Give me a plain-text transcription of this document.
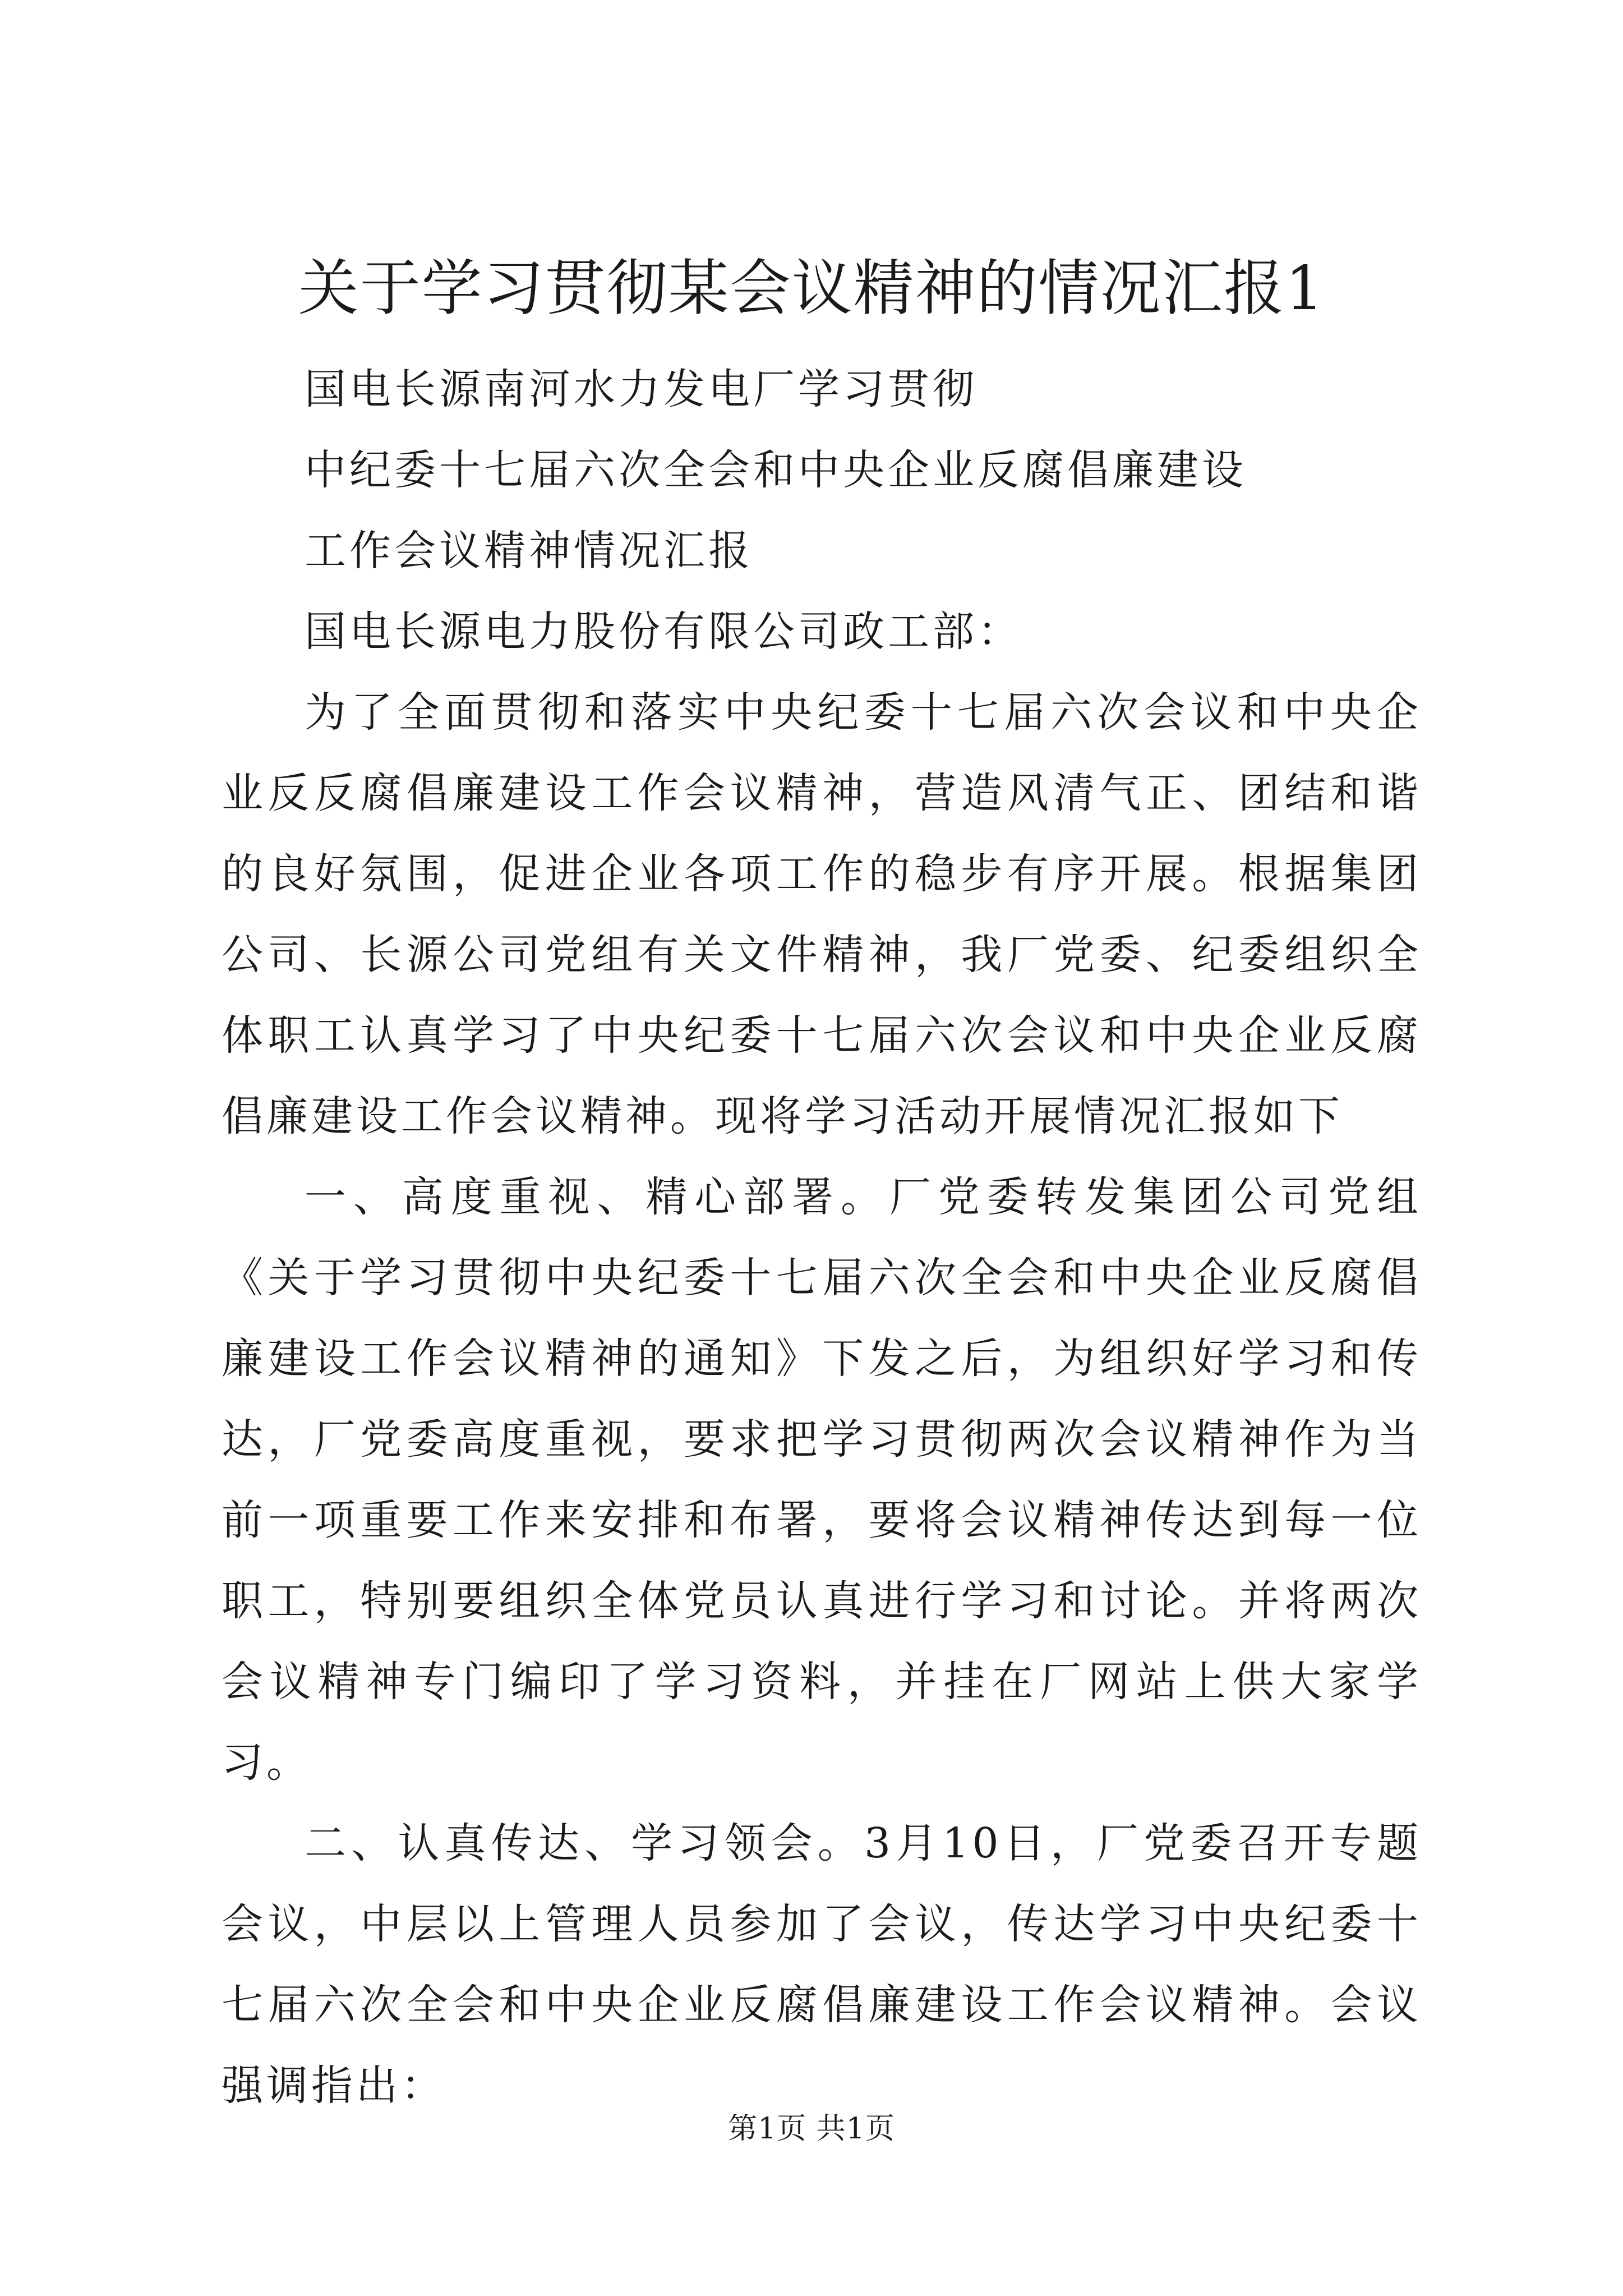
关于学习贯彻某会议精神的情况汇报1

国电长源南河水力发电厂学习贯彻

中纪委十七届六次全会和中央企业反腐倡廉建设

工作会议精神情况汇报

国电长源电力股份有限公司政工部：

为了全面贯彻和落实中央纪委十七届六次会议和中央企业反反腐倡廉建设工作会议精神，营造风清气正、团结和谐的良好氛围，促进企业各项工作的稳步有序开展。根据集团公司、长源公司党组有关文件精神，我厂党委、纪委组织全体职工认真学习了中央纪委十七届六次会议和中央企业反腐倡廉建设工作会议精神。现将学习活动开展情况汇报如下

一、高度重视、精心部署。厂党委转发集团公司党组《关于学习贯彻中央纪委十七届六次全会和中央企业反腐倡廉建设工作会议精神的通知》下发之后，为组织好学习和传达，厂党委高度重视，要求把学习贯彻两次会议精神作为当前一项重要工作来安排和布署，要将会议精神传达到每一位职工，特别要组织全体党员认真进行学习和讨论。并将两次会议精神专门编印了学习资料，并挂在厂网站上供大家学习。

二、认真传达、学习领会。3月10日，厂党委召开专题会议，中层以上管理人员参加了会议，传达学习中央纪委十七届六次全会和中央企业反腐倡廉建设工作会议精神。会议强调指出：

第1页 共1页
